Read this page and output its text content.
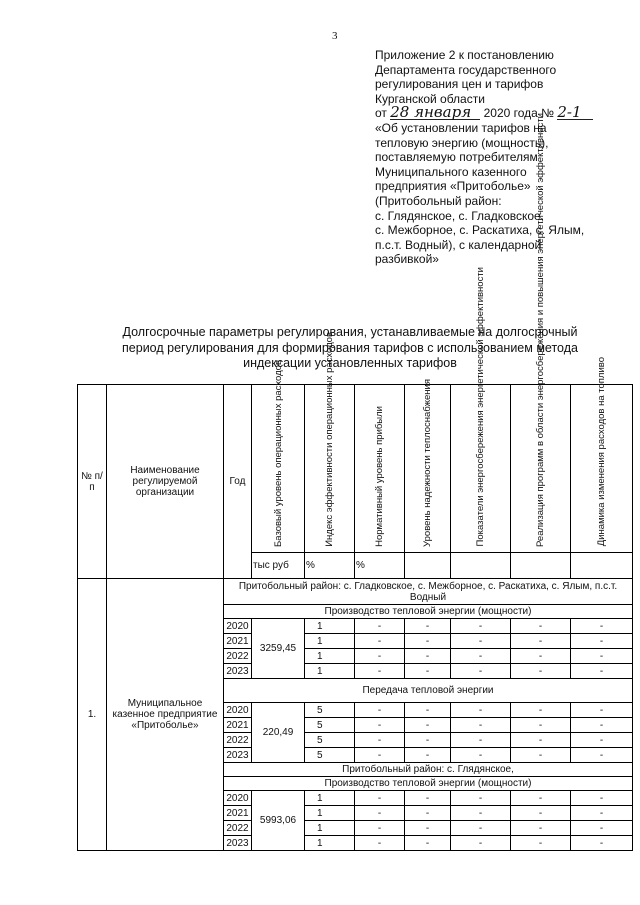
3
Приложение 2 к постановлению
Департамента государственного
регулирования цен и тарифов
Курганской области
от 28 января 2020 года № 2-1
«Об установлении тарифов на
тепловую энергию (мощность),
поставляемую потребителям
Муниципального казенного
предприятия «Притоболье»
(Притобольный район:
с. Глядянское, с. Гладковское,
с. Межборное, с. Раскатиха, с. Ялым,
п.с.т. Водный), с календарной
разбивкой»
Долгосрочные параметры регулирования, устанавливаемые на долгосрочный
период регулирования для формирования тарифов с использованием метода
индексации установленных тарифов
№ п/п	Наименование регулируемой организации	Год	Базовый уровень операционных расходов	Индекс эффективности операционных расходов	Нормативный уровень прибыли	Уровень надежности теплоснабжения	Показатели энергосбережения энергетической эффективности	Реализация программ в области энергосбережения и повышения энергетической эффективности	Динамика изменения расходов на топливо

			тыс руб	%	%				
1.	Муниципальное казенное предприятие «Притоболье»	Притобольный район: с. Гладковское, с. Межборное, с. Раскатиха, с. Ялым, п.с.т. Водный							
		Производство тепловой энергии (мощности)							
		2020	3259,45	1	-	-	-	-	-
		2021		1	-	-	-	-	-
		2022		1	-	-	-	-	-
		2023		1	-	-	-	-	-
		Передача тепловой энергии							
		2020	220,49	5	-	-	-	-	-
		2021		5	-	-	-	-	-
		2022		5	-	-	-	-	-
		2023		5	-	-	-	-	-
		Притобольный район: с. Глядянское,							
		Производство тепловой энергии (мощности)							
		2020	5993,06	1	-	-	-	-	-
		2021		1	-	-	-	-	-
		2022		1	-	-	-	-	-
		2023		1	-	-	-	-	-
